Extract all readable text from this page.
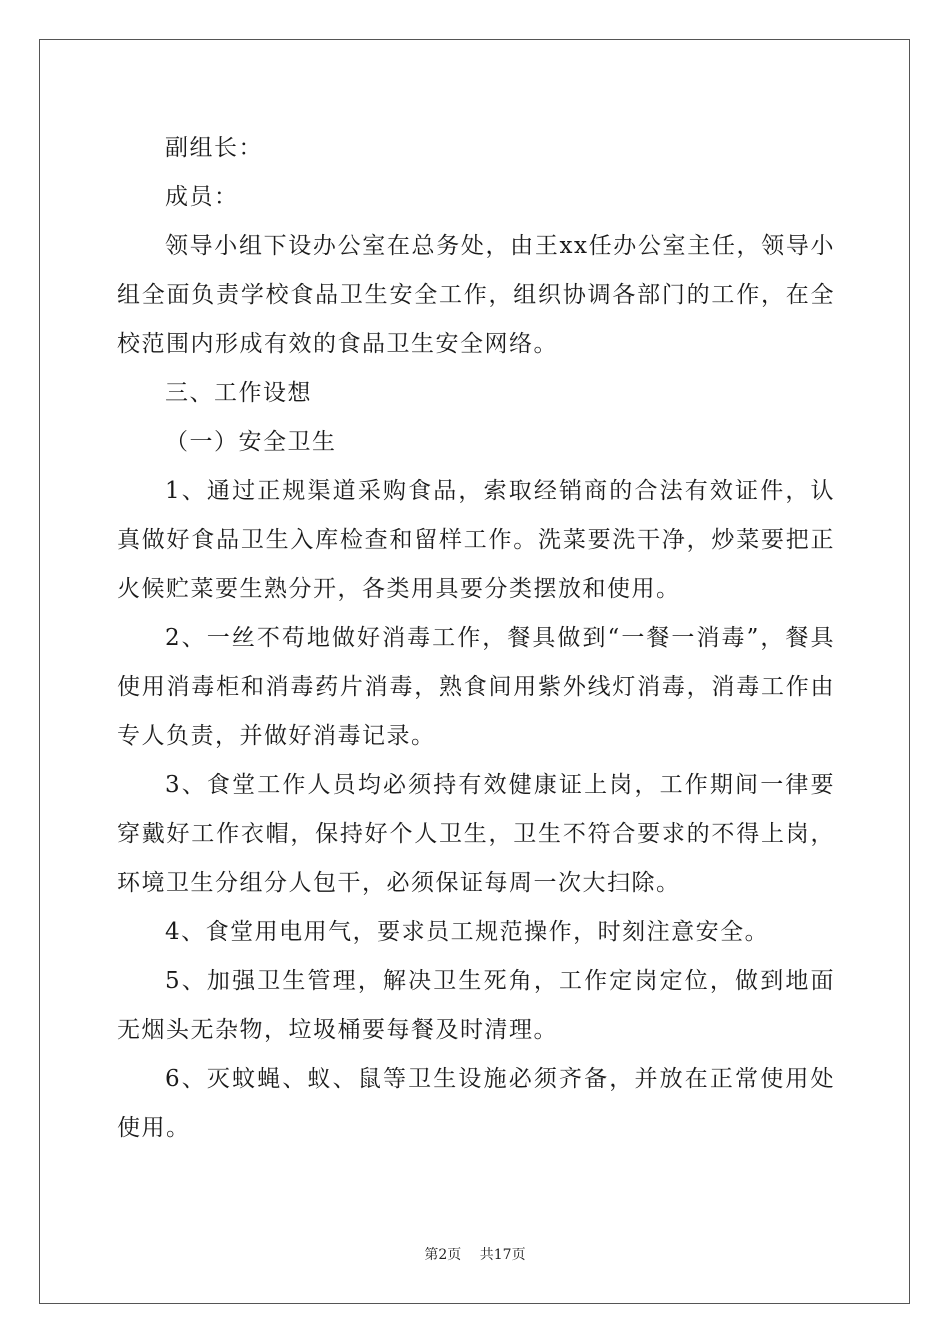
副组长：

成员：

领导小组下设办公室在总务处，由王xx任办公室主任，领导小组全面负责学校食品卫生安全工作，组织协调各部门的工作，在全校范围内形成有效的食品卫生安全网络。

三、工作设想

（一）安全卫生

1、通过正规渠道采购食品，索取经销商的合法有效证件，认真做好食品卫生入库检查和留样工作。洗菜要洗干净，炒菜要把正火候贮菜要生熟分开，各类用具要分类摆放和使用。

2、一丝不苟地做好消毒工作，餐具做到“一餐一消毒”，餐具使用消毒柜和消毒药片消毒，熟食间用紫外线灯消毒，消毒工作由专人负责，并做好消毒记录。

3、食堂工作人员均必须持有效健康证上岗，工作期间一律要穿戴好工作衣帽，保持好个人卫生，卫生不符合要求的不得上岗，环境卫生分组分人包干，必须保证每周一次大扫除。

4、食堂用电用气，要求员工规范操作，时刻注意安全。

5、加强卫生管理，解决卫生死角，工作定岗定位，做到地面无烟头无杂物，垃圾桶要每餐及时清理。

6、灭蚊蝇、蚁、鼠等卫生设施必须齐备，并放在正常使用处使用。

第2页 共17页
